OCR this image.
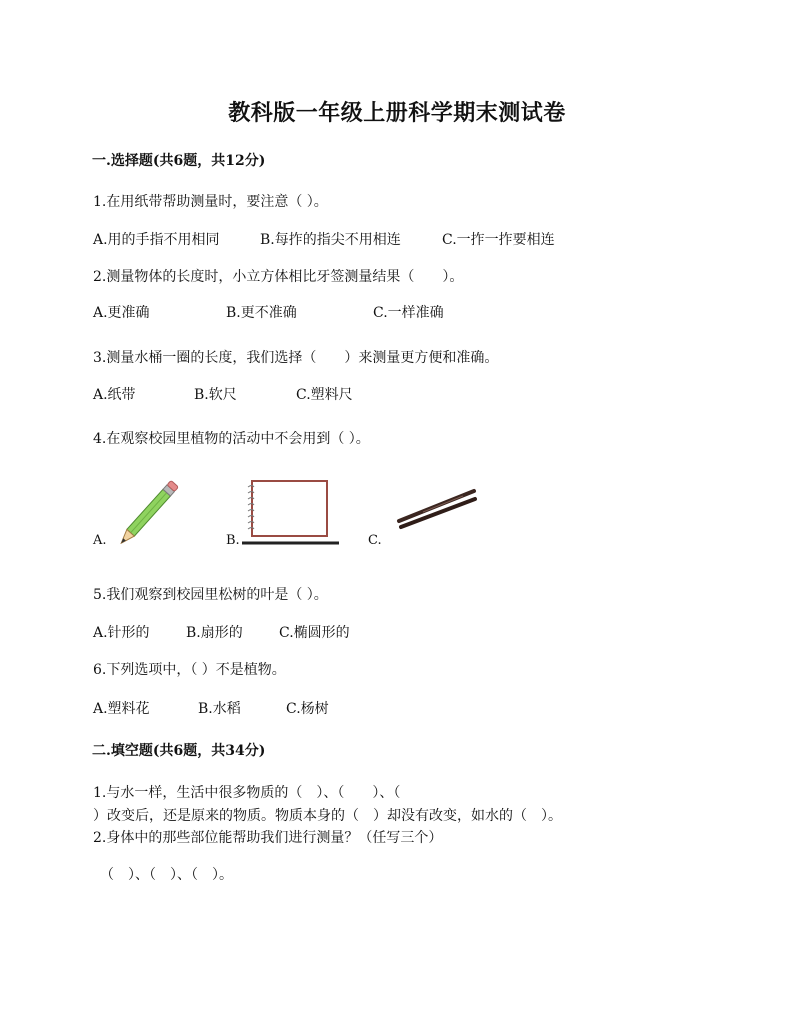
教科版一年级上册科学期末测试卷
一.选择题(共6题，共12分)
1.在用纸带帮助测量时，要注意（ ）。
A.用的手指不用相同	B.每拃的指尖不用相连	C.一拃一拃要相连
2.测量物体的长度时，小立方体相比牙签测量结果（　　）。
A.更准确	B.更不准确	C.一样准确
3.测量水桶一圈的长度，我们选择（　　）来测量更方便和准确。
A.纸带	B.软尺	C.塑料尺
4.在观察校园里植物的活动中不会用到（ ）。
A.	B.	C.
5.我们观察到校园里松树的叶是（ ）。
A.针形的	B.扇形的	C.椭圆形的
6.下列选项中，（ ）不是植物。
A.塑料花	B.水稻	C.杨树
二.填空题(共6题，共34分)
1.与水一样，生活中很多物质的（　）、（　　）、（
）改变后，还是原来的物质。物质本身的（　）却没有改变，如水的（　）。
2.身体中的那些部位能帮助我们进行测量？（任写三个）
（　）、（　）、（　）。
